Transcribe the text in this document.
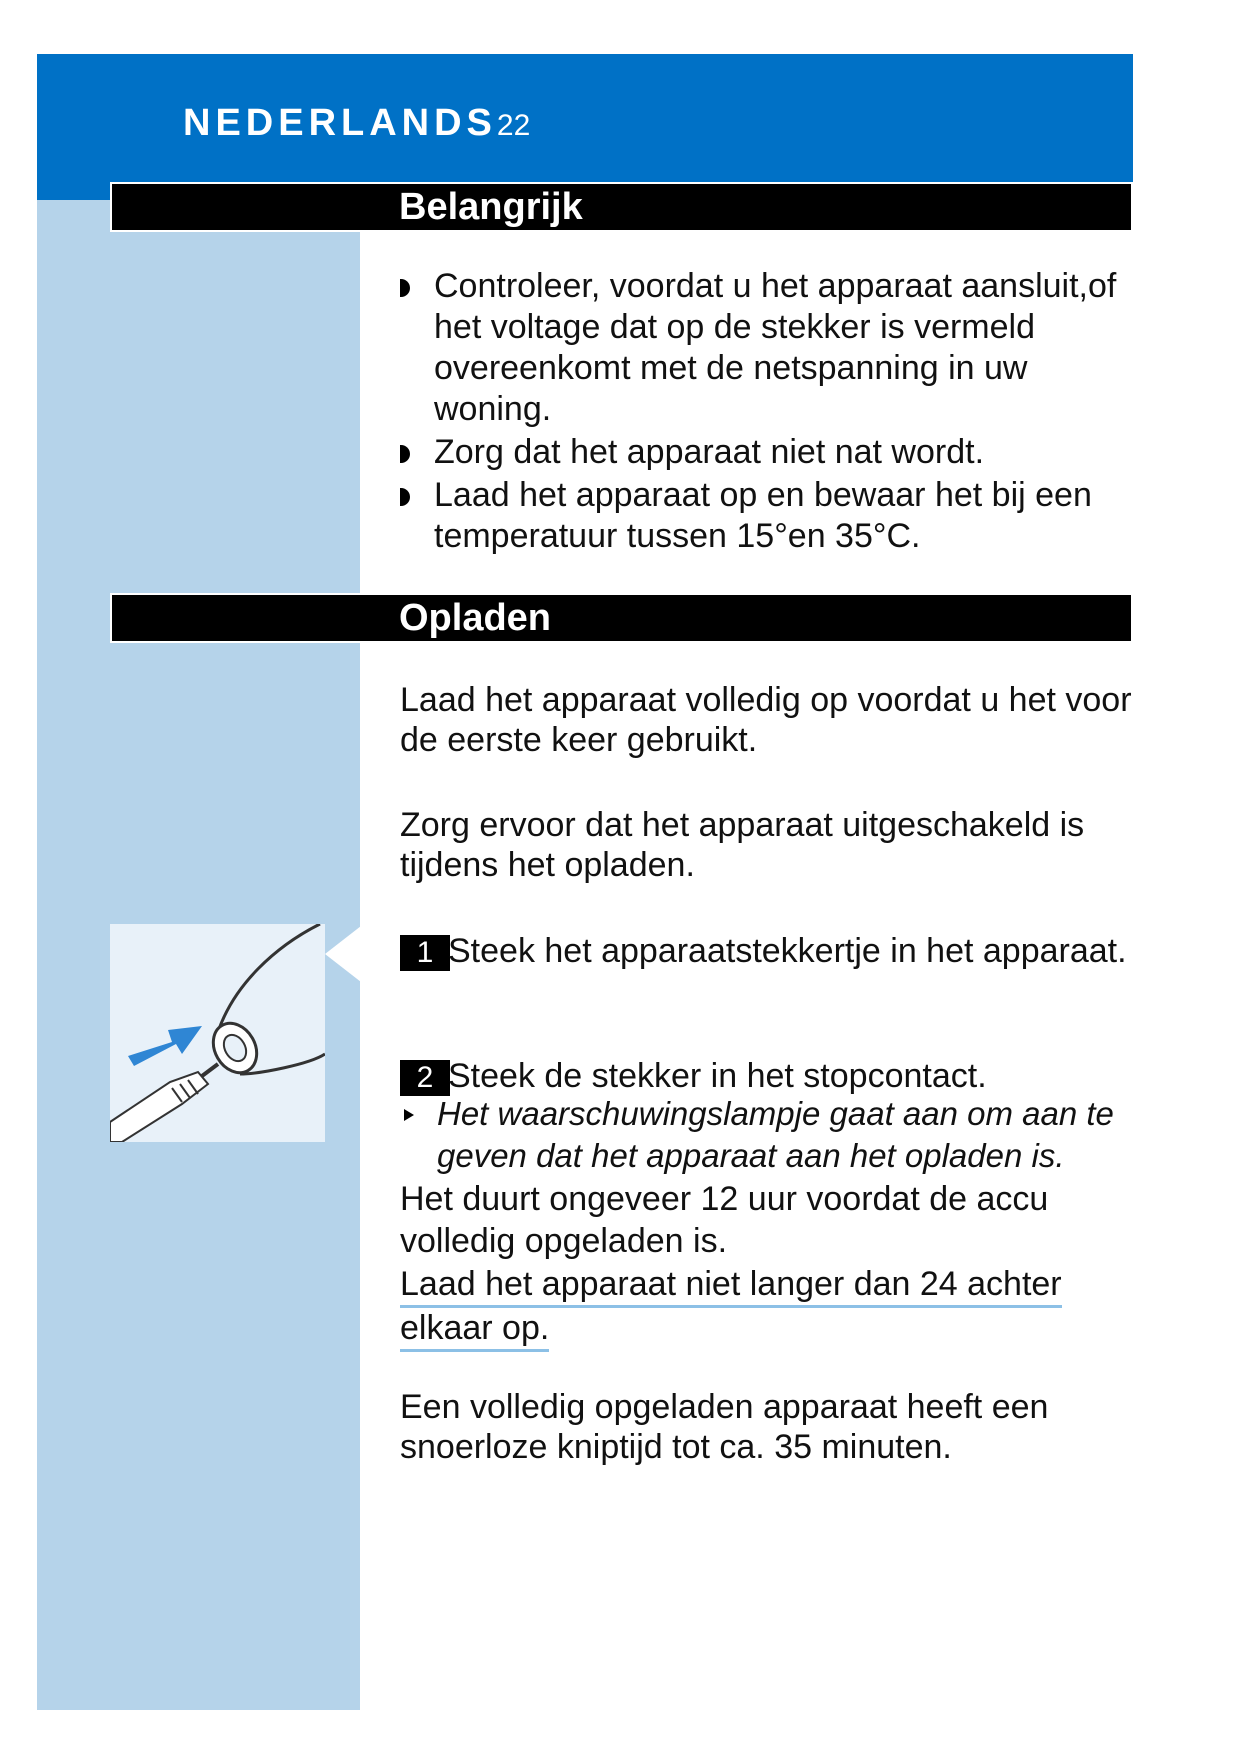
NEDERLANDS22
Belangrijk
Controleer, voordat u het apparaat aansluit,of het voltage dat op de stekker is vermeld overeenkomt met de netspanning in uw woning.
Zorg dat het apparaat niet nat wordt.
Laad het apparaat op en bewaar het bij een temperatuur tussen 15°en 35°C.
Opladen
Laad het apparaat volledig op voordat u het voor de eerste keer gebruikt.
Zorg ervoor dat het apparaat uitgeschakeld is tijdens het opladen.
1 Steek het apparaatstekkertje in het apparaat.
2 Steek de stekker in het stopcontact.
Het waarschuwingslampje gaat aan om aan te geven dat het apparaat aan het opladen is.
Het duurt ongeveer 12 uur voordat de accu volledig opgeladen is.
Laad het apparaat niet langer dan 24 achter elkaar op.
Een volledig opgeladen apparaat heeft een snoerloze kniptijd tot ca. 35 minuten.
